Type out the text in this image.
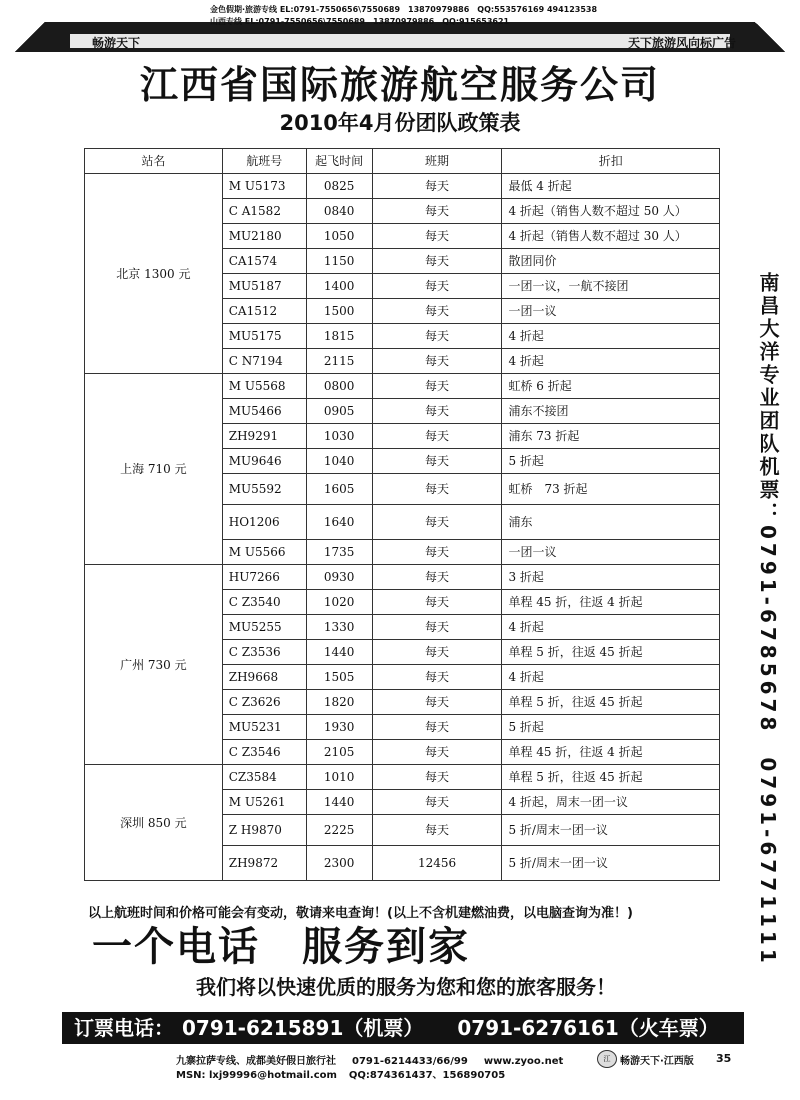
金色假期·旅游专线 EL:0791-7550656\7550689　13870979886　QQ:553576169 494123538
山西专线 EL:0791-7550656\7550689　13870979886　QQ:915653621
畅游天下	天下旅游风向标广告
江西省国际旅游航空服务公司
2010年4月份团队政策表
站名	航班号	起飞时间	班期	折扣
北京 1300 元	M U5173	0825	每天	最低 4 折起
	C A1582	0840	每天	4 折起（销售人数不超过 50 人）
	MU2180	1050	每天	4 折起（销售人数不超过 30 人）
	CA1574	1150	每天	散团同价
	MU5187	1400	每天	一团一议，一航不接团
	CA1512	1500	每天	一团一议
	MU5175	1815	每天	4 折起
	C N7194	2115	每天	4 折起
上海 710 元	M U5568	0800	每天	虹桥 6 折起
	MU5466	0905	每天	浦东不接团
	ZH9291	1030	每天	浦东 73 折起
	MU9646	1040	每天	5 折起
	MU5592	1605	每天	虹桥　73 折起
	HO1206	1640	每天	浦东
	M U5566	1735	每天	一团一议
广州 730 元	HU7266	0930	每天	3 折起
	C Z3540	1020	每天	单程 45 折，往返 4 折起
	MU5255	1330	每天	4 折起
	C Z3536	1440	每天	单程 5 折，往返 45 折起
	ZH9668	1505	每天	4 折起
	C Z3626	1820	每天	单程 5 折，往返 45 折起
	MU5231	1930	每天	5 折起
	C Z3546	2105	每天	单程 45 折，往返 4 折起
深圳 850 元	CZ3584	1010	每天	单程 5 折，往返 45 折起
	M U5261	1440	每天	4 折起，周末一团一议
	Z H9870	2225	每天	5 折/周末一团一议
	ZH9872	2300	12456	5 折/周末一团一议
南昌大洋专业团队机票：0791-6785678　0791-6771111
以上航班时间和价格可能会有变动，敬请来电查询！(以上不含机建燃油费，以电脑查询为准！)
一个电话　服务到家
我们将以快速优质的服务为您和您的旅客服务！
订票电话： 0791-6215891（机票） 0791-6276161（火车票）
九寨拉萨专线、成都美好假日旅行社 0791-6214433/66/99 www.zyoo.net
MSN: lxj99996@hotmail.com QQ:874361437、156890705
江 畅游天下·江西版 35
